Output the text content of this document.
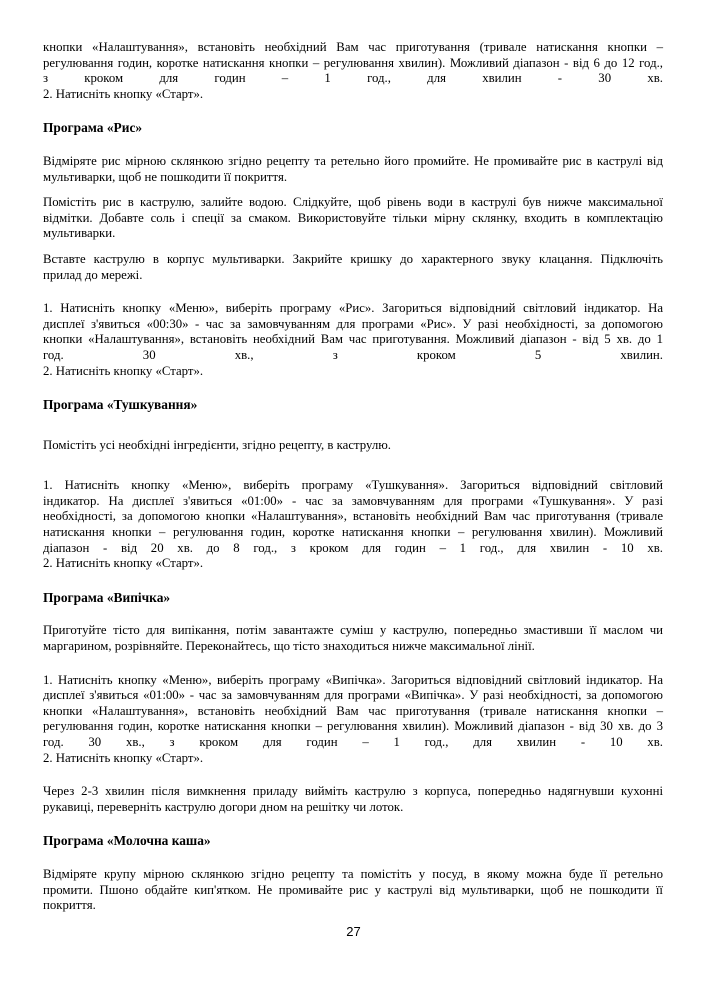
кнопки «Налаштування», встановіть необхідний Вам час приготування (тривале натискання кнопки –
регулювання годин, коротке натискання кнопки – регулювання хвилин). Можливий діапазон - від 6 до 12 год.,
з кроком для годин – 1 год., для хвилин - 30 хв.
2. Натисніть кнопку «Старт».

Програма «Рис»

Відміряте рис мірною склянкою згідно рецепту та ретельно його промийте. Не промивайте рис в каструлі від
мультиварки, щоб не пошкодити її покриття.

Помістіть рис в каструлю, залийте водою. Слідкуйте, щоб рівень води в каструлі був нижче максимальної
відмітки. Добавте соль і спеції за смаком. Використовуйте тільки мірну склянку, входить в комплектацію
мультиварки.

Вставте каструлю в корпус мультиварки. Закрийте кришку до характерного звуку клацання. Підключіть
прилад до мережі.

1. Натисніть кнопку «Меню», виберіть програму «Рис». Загориться відповідний світловий індикатор. На
дисплеї з'явиться «00:30» - час за замовчуванням для програми «Рис». У разі необхідності, за допомогою
кнопки «Налаштування», встановіть необхідний Вам час приготування. Можливий діапазон - від 5 хв. до 1
год. 30 хв., з кроком 5 хвилин.
2. Натисніть кнопку «Старт».

Програма «Тушкування»

Помістіть усі необхідні інгредієнти, згідно рецепту, в каструлю.

1. Натисніть кнопку «Меню», виберіть програму «Тушкування». Загориться відповідний світловий
індикатор. На дисплеї з'явиться «01:00» - час за замовчуванням для програми «Тушкування». У разі
необхідності, за допомогою кнопки «Налаштування», встановіть необхідний Вам час приготування (тривале
натискання кнопки – регулювання годин, коротке натискання кнопки – регулювання хвилин). Можливий
діапазон - від 20 хв. до 8 год., з кроком для годин – 1 год., для хвилин - 10 хв.
2. Натисніть кнопку «Старт».

Програма «Випічка»

Приготуйте тісто для випікання, потім завантажте суміш у каструлю, попередньо змастивши її маслом чи
маргарином, розрівняйте. Переконайтесь, що тісто знаходиться нижче максимальної лінії.

1. Натисніть кнопку «Меню», виберіть програму «Випічка». Загориться відповідний світловий індикатор. На
дисплеї з'явиться «01:00» - час за замовчуванням для програми «Випічка». У разі необхідності, за допомогою
кнопки «Налаштування», встановіть необхідний Вам час приготування (тривале натискання кнопки –
регулювання годин, коротке натискання кнопки – регулювання хвилин). Можливий діапазон - від 30 хв. до 3
год. 30 хв., з кроком для годин – 1 год., для хвилин - 10 хв.
2. Натисніть кнопку «Старт».

Через 2-3 хвилин після вимкнення приладу вийміть каструлю з корпуса, попередньо надягнувши кухонні
рукавиці, переверніть каструлю догори дном на решітку чи лоток.

Програма «Молочна каша»

Відміряте крупу мірною склянкою згідно рецепту та помістіть у посуд, в якому можна буде її ретельно
промити. Пшоно обдайте кип'ятком. Не промивайте рис у каструлі від мультиварки, щоб не пошкодити її
покриття.

27
